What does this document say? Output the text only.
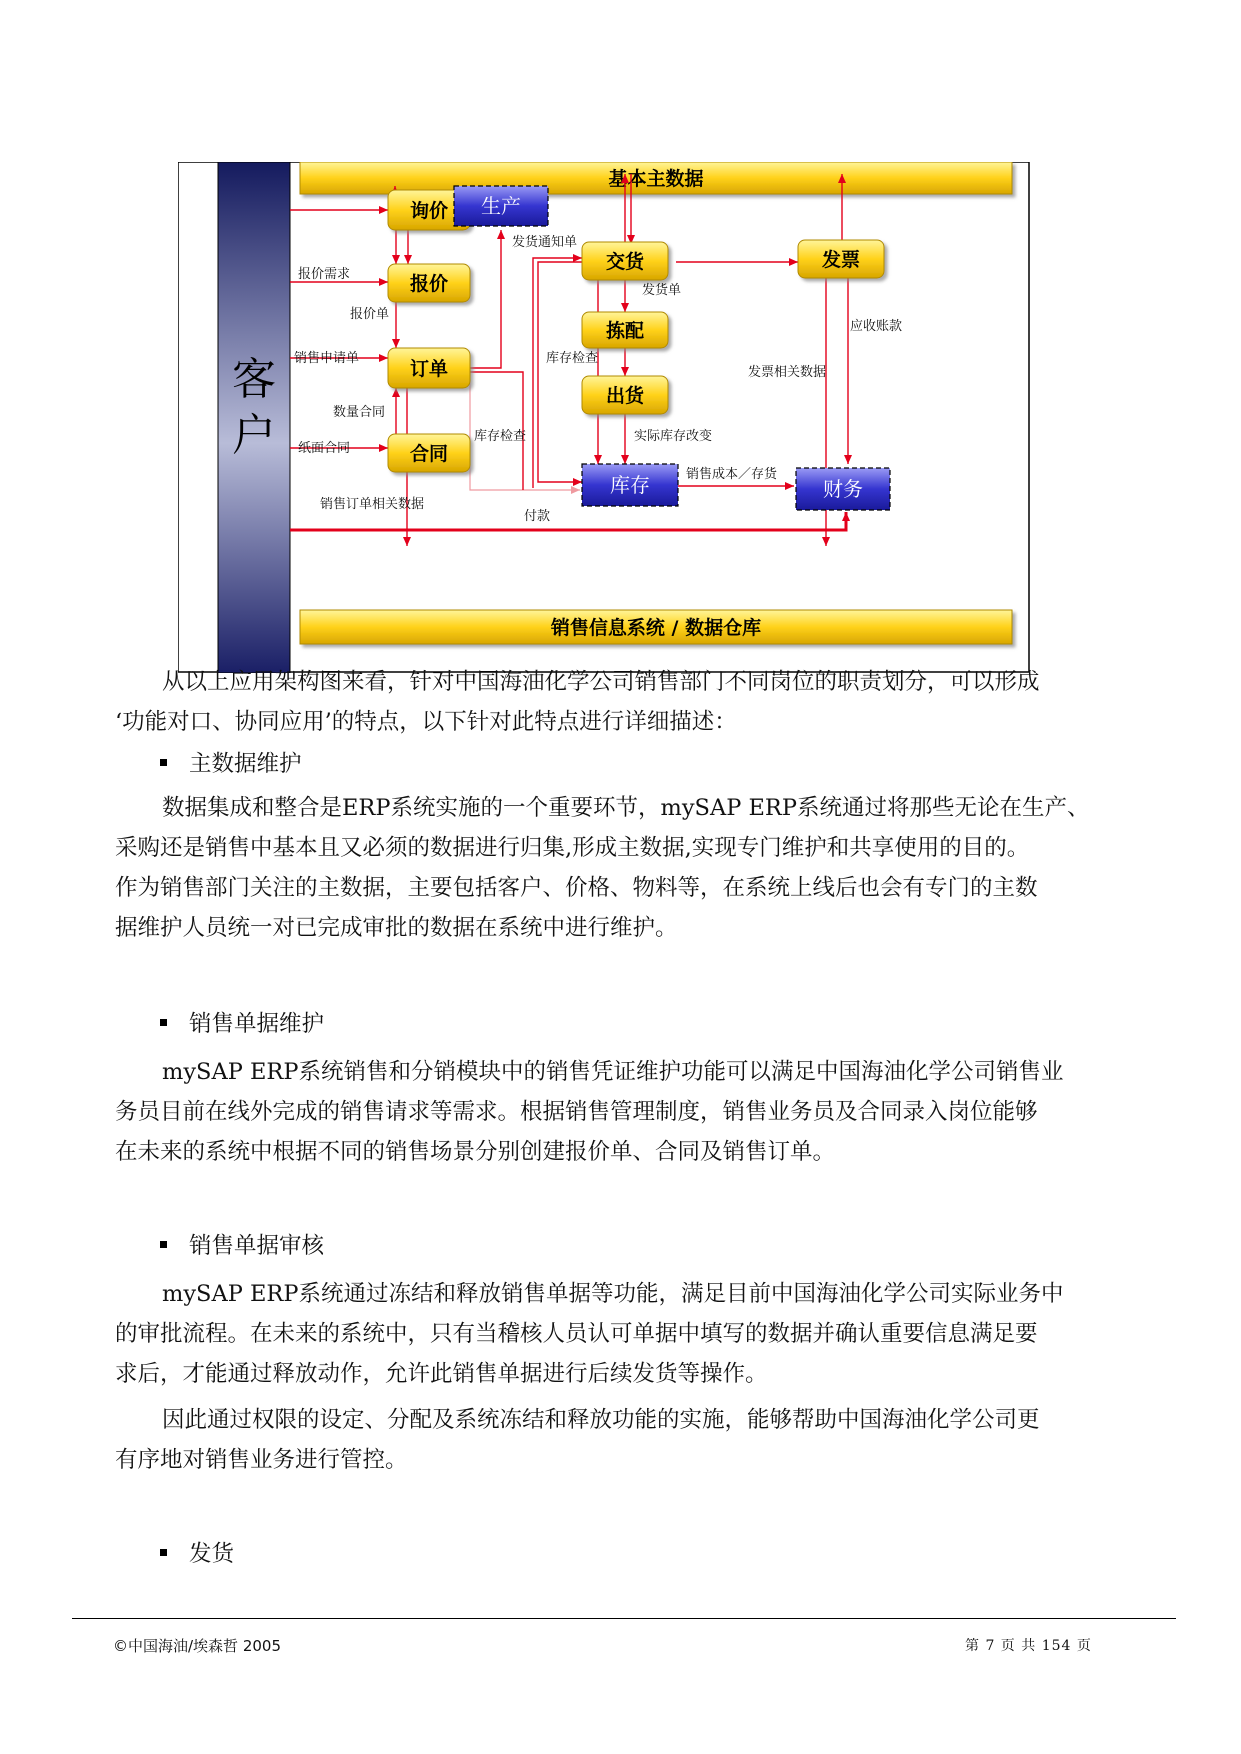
客
户
基本主数据
销售信息系统 / 数据仓库
询价
报价
订单
合同
交货
拣配
出货
发票
生产
库存	财务
报价需求
报价单
销售申请单
数量合同
纸面合同
销售订单相关数据
发货通知单
发货单
库存检查
库存检查	实际库存改变
应收账款
发票相关数据
销售成本／存货
付款

从以上应用架构图来看，针对中国海油化学公司销售部门不同岗位的职责划分，可以形成

‘功能对口、协同应用’的特点，以下针对此特点进行详细描述：

主数据维护

数据集成和整合是ERP系统实施的一个重要环节，mySAP ERP系统通过将那些无论在生产、

采购还是销售中基本且又必须的数据进行归集,形成主数据,实现专门维护和共享使用的目的。

作为销售部门关注的主数据，主要包括客户、价格、物料等，在系统上线后也会有专门的主数

据维护人员统一对已完成审批的数据在系统中进行维护。

销售单据维护

mySAP ERP系统销售和分销模块中的销售凭证维护功能可以满足中国海油化学公司销售业

务员目前在线外完成的销售请求等需求。根据销售管理制度，销售业务员及合同录入岗位能够

在未来的系统中根据不同的销售场景分别创建报价单、合同及销售订单。

销售单据审核

mySAP ERP系统通过冻结和释放销售单据等功能，满足目前中国海油化学公司实际业务中

的审批流程。在未来的系统中，只有当稽核人员认可单据中填写的数据并确认重要信息满足要

求后，才能通过释放动作，允许此销售单据进行后续发货等操作。

因此通过权限的设定、分配及系统冻结和释放功能的实施，能够帮助中国海油化学公司更

有序地对销售业务进行管控。

发货

©中国海油/埃森哲 2005	第 7 页 共 154 页
